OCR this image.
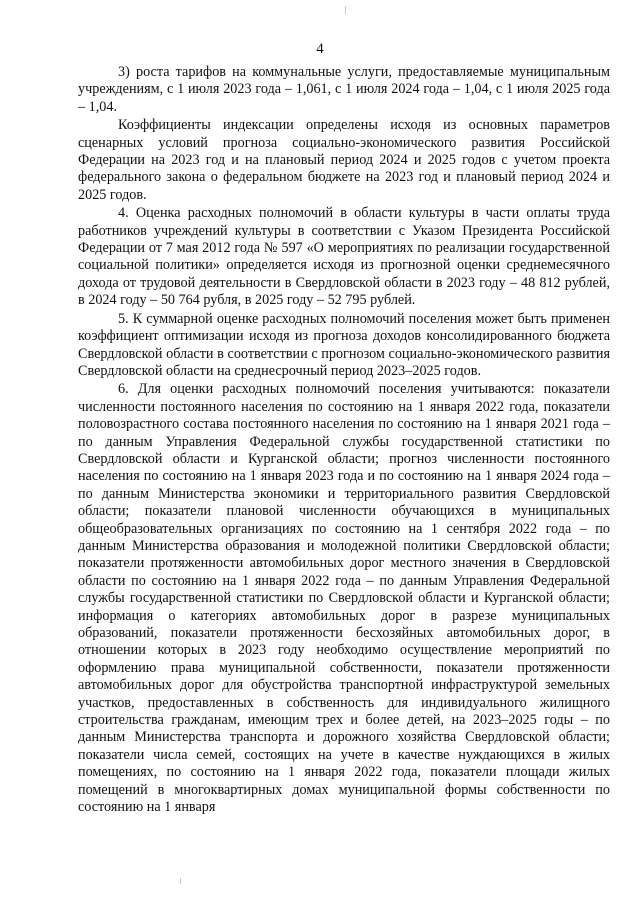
4

3) роста тарифов на коммунальные услуги, предоставляемые муниципальным учреждениям, с 1 июля 2023 года – 1,061, с 1 июля 2024 года – 1,04, с 1 июля 2025 года – 1,04.

Коэффициенты индексации определены исходя из основных параметров сценарных условий прогноза социально-экономического развития Российской Федерации на 2023 год и на плановый период 2024 и 2025 годов с учетом проекта федерального закона о федеральном бюджете на 2023 год и плановый период 2024 и 2025 годов.

4. Оценка расходных полномочий в области культуры в части оплаты труда работников учреждений культуры в соответствии с Указом Президента Российской Федерации от 7 мая 2012 года № 597 «О мероприятиях по реализации государственной социальной политики» определяется исходя из прогнозной оценки среднемесячного дохода от трудовой деятельности в Свердловской области в 2023 году – 48 812 рублей, в 2024 году – 50 764 рубля, в 2025 году – 52 795 рублей.

5. К суммарной оценке расходных полномочий поселения может быть применен коэффициент оптимизации исходя из прогноза доходов консолидированного бюджета Свердловской области в соответствии с прогнозом социально-экономического развития Свердловской области на среднесрочный период 2023–2025 годов.

6. Для оценки расходных полномочий поселения учитываются: показатели численности постоянного населения по состоянию на 1 января 2022 года, показатели половозрастного состава постоянного населения по состоянию на 1 января 2021 года – по данным Управления Федеральной службы государственной статистики по Свердловской области и Курганской области; прогноз численности постоянного населения по состоянию на 1 января 2023 года и по состоянию на 1 января 2024 года – по данным Министерства экономики и территориального развития Свердловской области; показатели плановой численности обучающихся в муниципальных общеобразовательных организациях по состоянию на 1 сентября 2022 года – по данным Министерства образования и молодежной политики Свердловской области; показатели протяженности автомобильных дорог местного значения в Свердловской области по состоянию на 1 января 2022 года – по данным Управления Федеральной службы государственной статистики по Свердловской области и Курганской области; информация о категориях автомобильных дорог в разрезе муниципальных образований, показатели протяженности бесхозяйных автомобильных дорог, в отношении которых в 2023 году необходимо осуществление мероприятий по оформлению права муниципальной собственности, показатели протяженности автомобильных дорог для обустройства транспортной инфраструктурой земельных участков, предоставленных в собственность для индивидуального жилищного строительства гражданам, имеющим трех и более детей, на 2023–2025 годы – по данным Министерства транспорта и дорожного хозяйства Свердловской области; показатели числа семей, состоящих на учете в качестве нуждающихся в жилых помещениях, по состоянию на 1 января 2022 года, показатели площади жилых помещений в многоквартирных домах муниципальной формы собственности по состоянию на 1 января
